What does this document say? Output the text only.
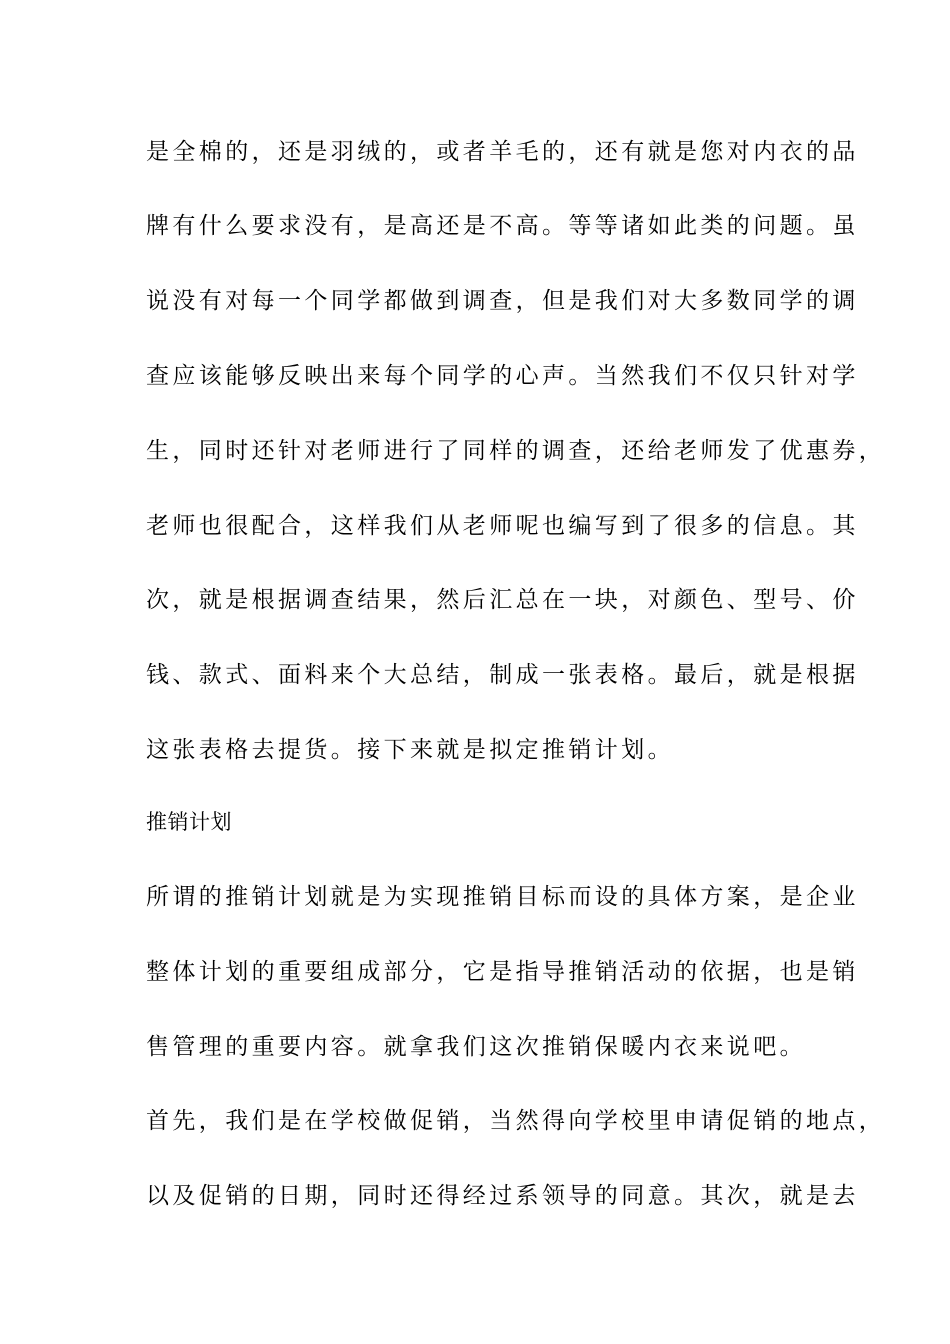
是全棉的，还是羽绒的，或者羊毛的，还有就是您对内衣的品
牌有什么要求没有，是高还是不高。等等诸如此类的问题。虽
说没有对每一个同学都做到调查，但是我们对大多数同学的调
查应该能够反映出来每个同学的心声。当然我们不仅只针对学
生，同时还针对老师进行了同样的调查，还给老师发了优惠券，
老师也很配合，这样我们从老师呢也编写到了很多的信息。其
次，就是根据调查结果，然后汇总在一块，对颜色、型号、价
钱、款式、面料来个大总结，制成一张表格。最后，就是根据
这张表格去提货。接下来就是拟定推销计划。
推销计划
所谓的推销计划就是为实现推销目标而设的具体方案，是企业
整体计划的重要组成部分，它是指导推销活动的依据，也是销
售管理的重要内容。就拿我们这次推销保暖内衣来说吧。
首先，我们是在学校做促销，当然得向学校里申请促销的地点，
以及促销的日期，同时还得经过系领导的同意。其次，就是去
